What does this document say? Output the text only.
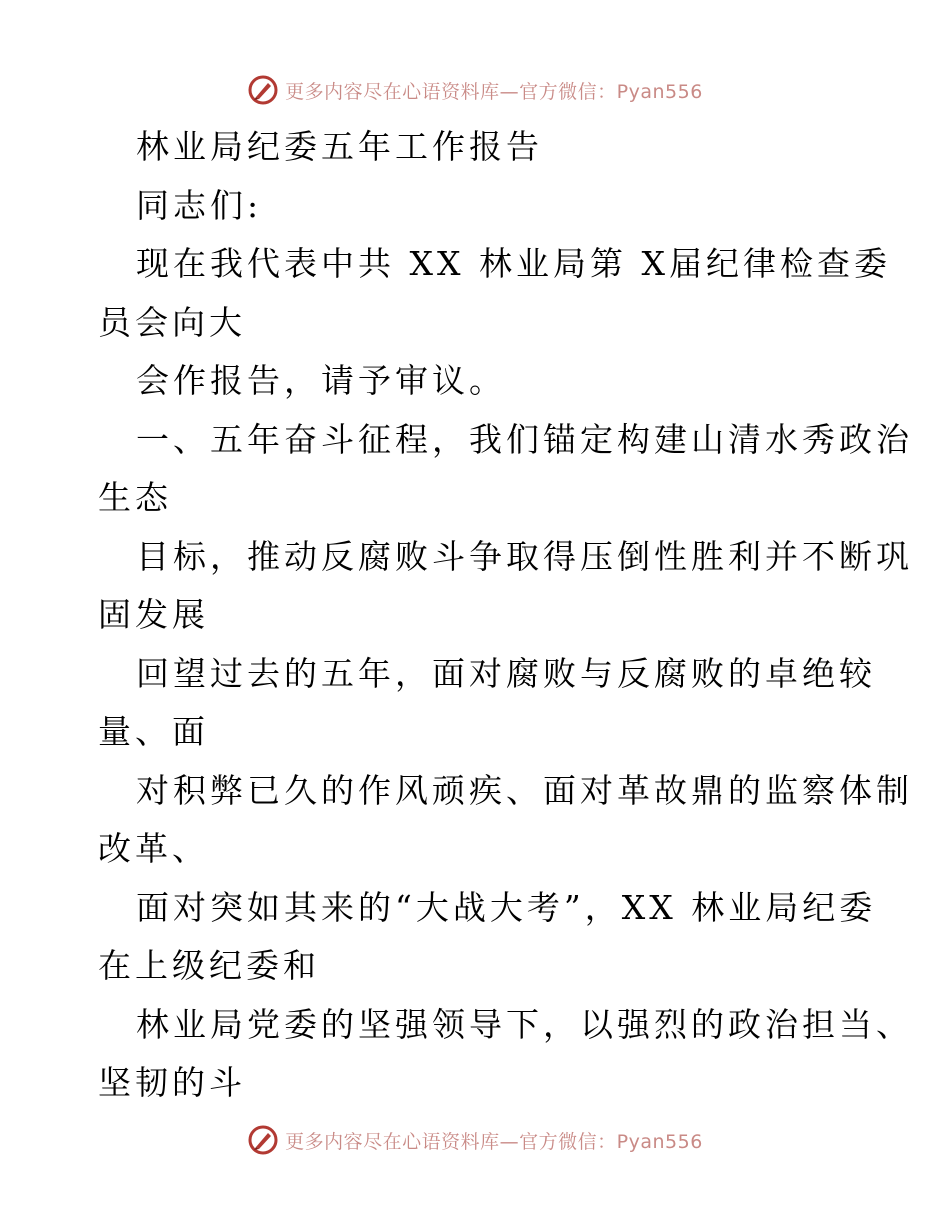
更多内容尽在心语资料库—官方微信：Pyan556
林业局纪委五年工作报告
同志们:
现在我代表中共 XX 林业局第 X届纪律检查委
员会向大
会作报告，请予审议。
一、五年奋斗征程，我们锚定构建山清水秀政治
生态
目标，推动反腐败斗争取得压倒性胜利并不断巩
固发展
回望过去的五年，面对腐败与反腐败的卓绝较
量、面
对积弊已久的作风顽疾、面对革故鼎的监察体制
改革、
面对突如其来的“大战大考”，XX 林业局纪委
在上级纪委和
林业局党委的坚强领导下，以强烈的政治担当、
坚韧的斗
更多内容尽在心语资料库—官方微信：Pyan556
